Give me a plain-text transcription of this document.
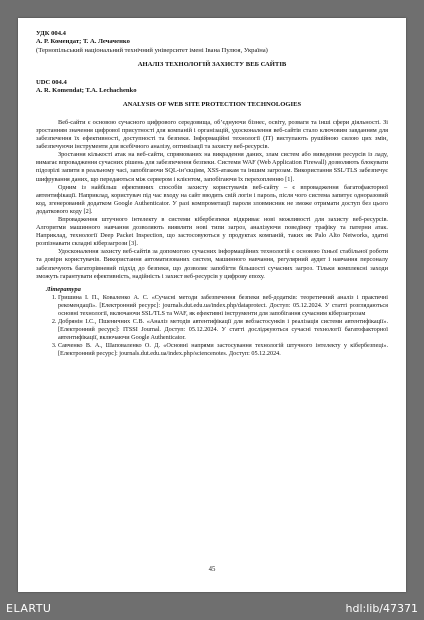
УДК 004.4
А. Р. Комендат; Т. А. Лечаченко
(Тернопільський національний технічний університет імені Івана Пулюя, Україна)
АНАЛІЗ ТЕХНОЛОГІЙ ЗАХИСТУ ВЕБ САЙТІВ
UDC 004.4
A. R. Komendat; T.A. Lechachenko
ANALYSIS OF WEB SITE PROTECTION TECHNOLOGIES

Веб-сайти є основою сучасного цифрового середовища, об’єднуючи бізнес, освіту, розваги та інші сфери діяльності. Зі зростанням значення цифрової присутності для компаній і організацій, удосконалення веб-сайтів стало ключовим завданням для забезпечення їх ефективності, доступності та безпеки. Інформаційні технології (ІТ) виступають рушійною силою цих змін, забезпечуючи інструменти для всебічного аналізу, оптимізації та захисту веб-ресурсів.

Зростання кількості атак на веб-сайти, спрямованих на викрадення даних, злам систем або виведення ресурсів із ладу, вимагає впровадження сучасних рішень для забезпечення безпеки. Системи WAF (Web Application Firewall) дозволяють блокувати підозрілі запити в реальному часі, запобігаючи SQL-ін’єкціям, XSS-атакам та іншим загрозам. Використання SSL/TLS забезпечує шифрування даних, що передаються між сервером і клієнтом, запобігаючи їх перехопленню [1].

Одним із найбільш ефективних способів захисту користувачів веб-сайту – є впровадження багатофакторної автентифікації. Наприклад, користувач під час входу на сайт вводить свій логін і пароль, після чого система запитує одноразовий код, згенерований додатком Google Authenticator. У разі компрометації пароля зловмисник не зможе отримати доступ без цього додаткового коду [2].

Впровадження штучного інтелекту в системи кібербезпеки відкриває нові можливості для захисту веб-ресурсів. Алгоритми машинного навчання дозволяють виявляти нові типи загроз, аналізуючи поведінку трафіку та патерни атак. Наприклад, технології Deep Packet Inspection, що застосовуються у продуктах компаній, таких як Palo Alto Networks, здатні розпізнавати складні кіберзагрози [3].

Удосконалення захисту веб-сайтів за допомогою сучасних інформаційних технологій є основою їхньої стабільної роботи та довіри користувачів. Використання автоматизованих систем, машинного навчання, регулярний аудит і навчання персоналу забезпечують багаторівневий підхід до безпеки, що дозволяє запобігти більшості сучасних загроз. Тільки комплексні заходи зможуть гарантувати ефективність, надійність і захист веб-ресурсів у цифрову епоху.

Література
1. Гришина І. П., Коваленко А. С. «Сучасні методи забезпечення безпеки веб-додатків: теоретичний аналіз і практичні рекомендації». [Електронний ресурс]: journals.dut.edu.ua/index.php/dataprotect. Доступ: 05.12.2024. У статті розглядаються основні технології, включаючи SSL/TLS та WAF, як ефективні інструменти для запобігання сучасним кіберзагрозам
2. Добрянін І.С., Пшеничних С.В. «Аналіз методів автентифікації для вебзастосунків і реалізація системи автентифікації». [Електронний ресурс]: ITSSI Journal. Доступ: 05.12.2024. У статті досліджуються сучасні технології багатофакторної автентифікації, включаючи Google Authenticator.
3. Савченко В. А., Шаповаленко О. Д. «Основні напрями застосування технологій штучного інтелекту у кібербезпеці». [Електронний ресурс]: journals.dut.edu.ua/index.php/sciencenotes. Доступ: 05.12.2024.
45
ELARTU	hdl:lib/47371
